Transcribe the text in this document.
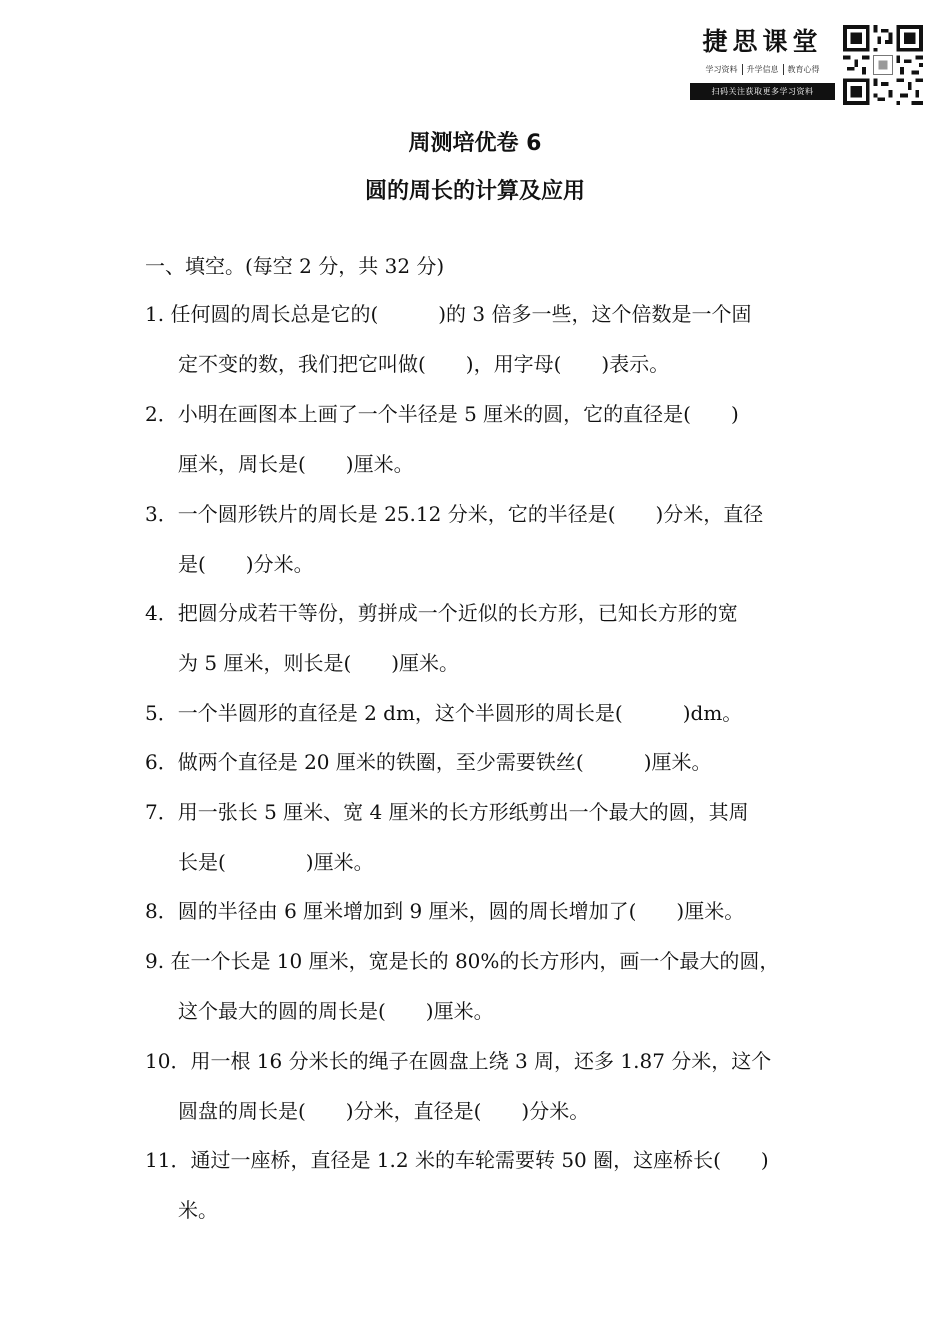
捷思课堂
学习资料	升学信息	教育心得
扫码关注获取更多学习资料
周测培优卷 6
圆的周长的计算及应用
一、填空。(每空 2 分，共 32 分)

1. 任何圆的周长总是它的(　　　)的 3 倍多一些，这个倍数是一个固
定不变的数，我们把它叫做(　　)，用字母(　　)表示。

2．小明在画图本上画了一个半径是 5 厘米的圆，它的直径是(　　)
厘米，周长是(　　)厘米。

3．一个圆形铁片的周长是 25.12 分米，它的半径是(　　)分米，直径
是(　　)分米。

4．把圆分成若干等份，剪拼成一个近似的长方形，已知长方形的宽
为 5 厘米，则长是(　　)厘米。

5．一个半圆形的直径是 2 dm，这个半圆形的周长是(　　　)dm。

6．做两个直径是 20 厘米的铁圈，至少需要铁丝(　　　)厘米。

7．用一张长 5 厘米、宽 4 厘米的长方形纸剪出一个最大的圆，其周
长是(　　　　)厘米。

8．圆的半径由 6 厘米增加到 9 厘米，圆的周长增加了(　　)厘米。

9. 在一个长是 10 厘米，宽是长的 80%的长方形内，画一个最大的圆，
这个最大的圆的周长是(　　)厘米。

10．用一根 16 分米长的绳子在圆盘上绕 3 周，还多 1.87 分米，这个
圆盘的周长是(　　)分米，直径是(　　)分米。

11．通过一座桥，直径是 1.2 米的车轮需要转 50 圈，这座桥长(　　)
米。
